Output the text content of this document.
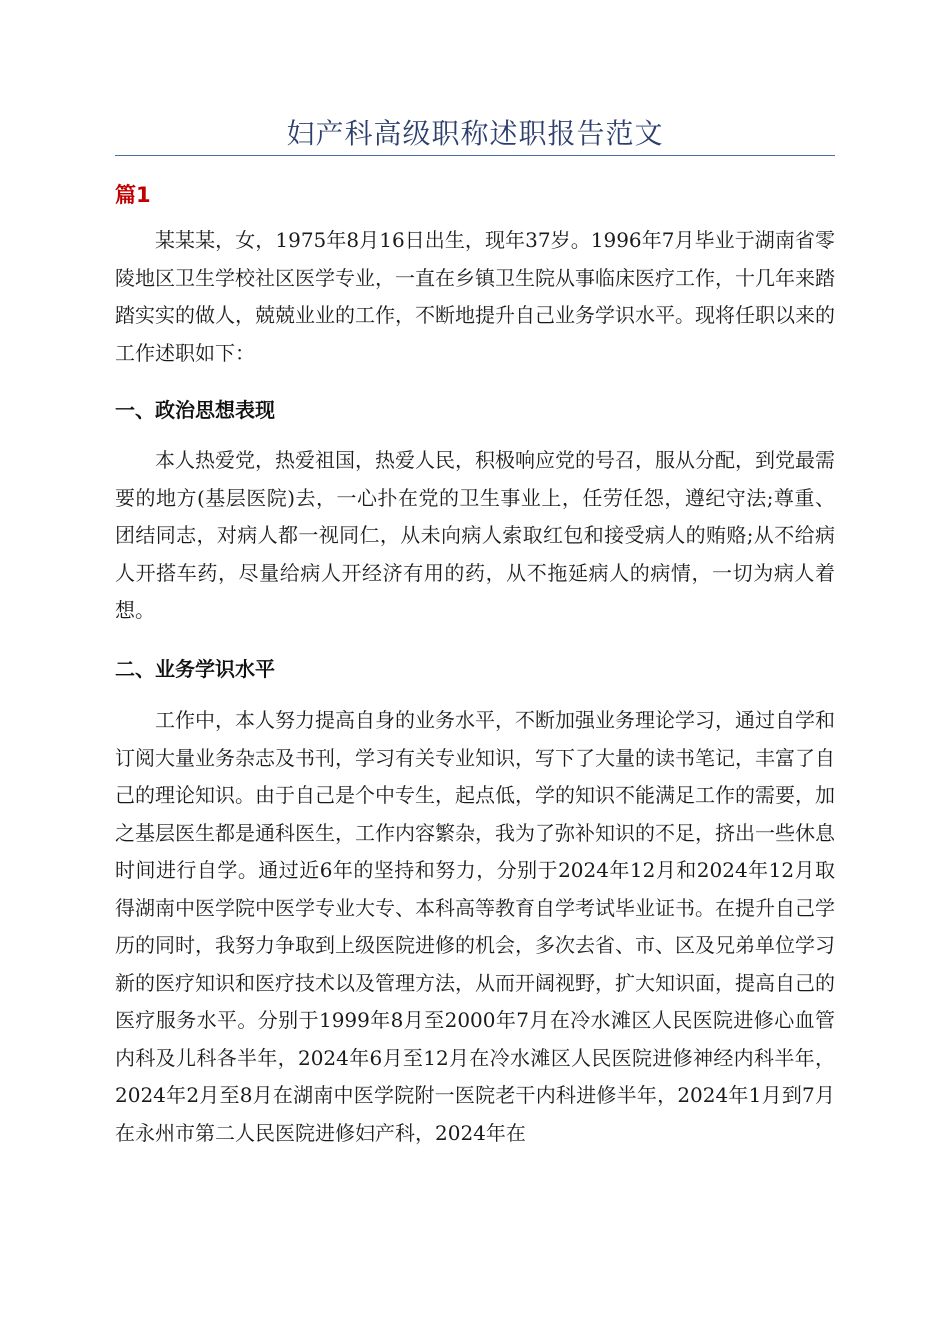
妇产科高级职称述职报告范文
篇1

某某某，女，1975年8月16日出生，现年37岁。1996年7月毕业于湖南省零陵地区卫生学校社区医学专业，一直在乡镇卫生院从事临床医疗工作，十几年来踏踏实实的做人，兢兢业业的工作，不断地提升自己业务学识水平。现将任职以来的工作述职如下：

一、政治思想表现

本人热爱党，热爱祖国，热爱人民，积极响应党的号召，服从分配，到党最需要的地方(基层医院)去，一心扑在党的卫生事业上，任劳任怨，遵纪守法;尊重、团结同志，对病人都一视同仁，从未向病人索取红包和接受病人的贿赂;从不给病人开搭车药，尽量给病人开经济有用的药，从不拖延病人的病情，一切为病人着想。

二、业务学识水平

工作中，本人努力提高自身的业务水平，不断加强业务理论学习，通过自学和订阅大量业务杂志及书刊，学习有关专业知识，写下了大量的读书笔记，丰富了自己的理论知识。由于自己是个中专生，起点低，学的知识不能满足工作的需要，加之基层医生都是通科医生，工作内容繁杂，我为了弥补知识的不足，挤出一些休息时间进行自学。通过近6年的坚持和努力，分别于2024年12月和2024年12月取得湖南中医学院中医学专业大专、本科高等教育自学考试毕业证书。在提升自己学历的同时，我努力争取到上级医院进修的机会，多次去省、市、区及兄弟单位学习新的医疗知识和医疗技术以及管理方法，从而开阔视野，扩大知识面，提高自己的医疗服务水平。分别于1999年8月至2000年7月在冷水滩区人民医院进修心血管内科及儿科各半年，2024年6月至12月在冷水滩区人民医院进修神经内科半年，2024年2月至8月在湖南中医学院附一医院老干内科进修半年，2024年1月到7月在永州市第二人民医院进修妇产科，2024年在
